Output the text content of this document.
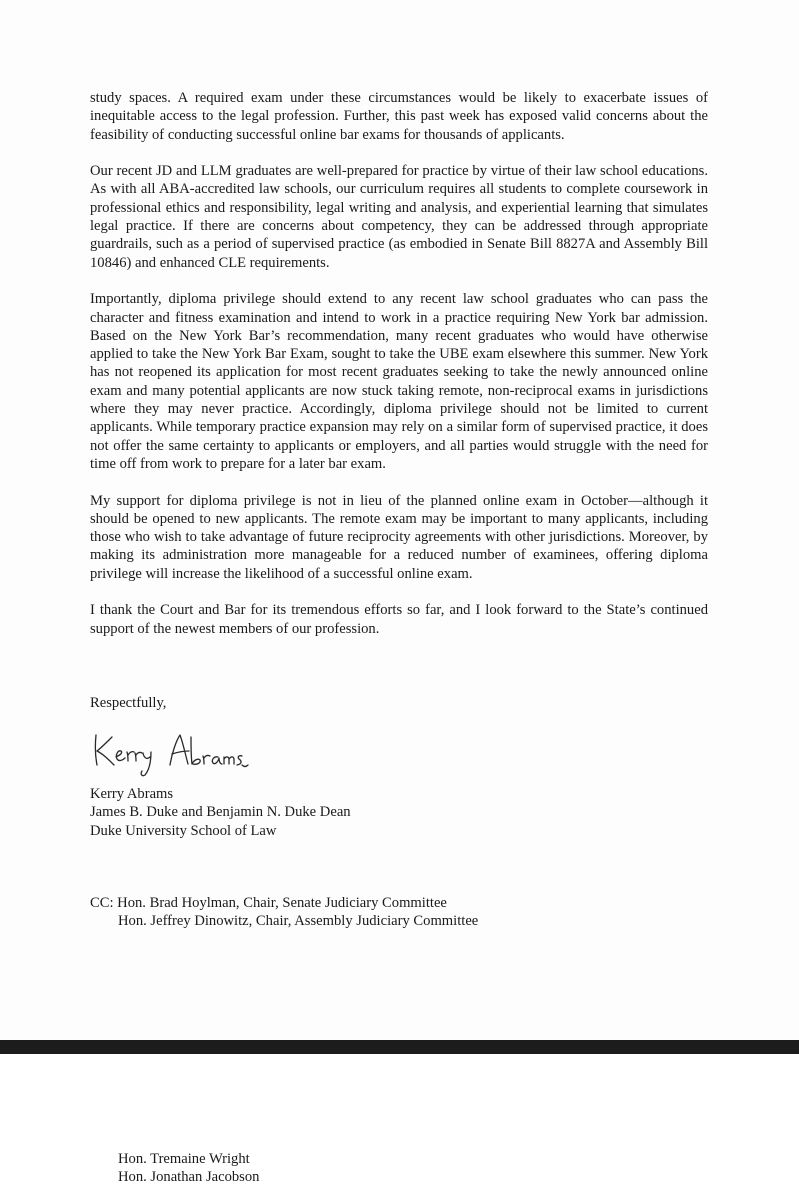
study spaces. A required exam under these circumstances would be likely to exacerbate issues of inequitable access to the legal profession. Further, this past week has exposed valid concerns about the feasibility of conducting successful online bar exams for thousands of applicants.

Our recent JD and LLM graduates are well-prepared for practice by virtue of their law school educations. As with all ABA-accredited law schools, our curriculum requires all students to complete coursework in professional ethics and responsibility, legal writing and analysis, and experiential learning that simulates legal practice. If there are concerns about competency, they can be addressed through appropriate guardrails, such as a period of supervised practice (as embodied in Senate Bill 8827A and Assembly Bill 10846) and enhanced CLE requirements.

Importantly, diploma privilege should extend to any recent law school graduates who can pass the character and fitness examination and intend to work in a practice requiring New York bar admission. Based on the New York Bar’s recommendation, many recent graduates who would have otherwise applied to take the New York Bar Exam, sought to take the UBE exam elsewhere this summer. New York has not reopened its application for most recent graduates seeking to take the newly announced online exam and many potential applicants are now stuck taking remote, non-reciprocal exams in jurisdictions where they may never practice. Accordingly, diploma privilege should not be limited to current applicants. While temporary practice expansion may rely on a similar form of supervised practice, it does not offer the same certainty to applicants or employers, and all parties would struggle with the need for time off from work to prepare for a later bar exam.

My support for diploma privilege is not in lieu of the planned online exam in October—although it should be opened to new applicants. The remote exam may be important to many applicants, including those who wish to take advantage of future reciprocity agreements with other jurisdictions. Moreover, by making its administration more manageable for a reduced number of examinees, offering diploma privilege will increase the likelihood of a successful online exam.

I thank the Court and Bar for its tremendous efforts so far, and I look forward to the State’s continued support of the newest members of our profession.

Respectfully,
Kerry Abrams
James B. Duke and Benjamin N. Duke Dean
Duke University School of Law
CC: Hon. Brad Hoylman, Chair, Senate Judiciary Committee
Hon. Jeffrey Dinowitz, Chair, Assembly Judiciary Committee
Hon. Tremaine Wright
Hon. Jonathan Jacobson
